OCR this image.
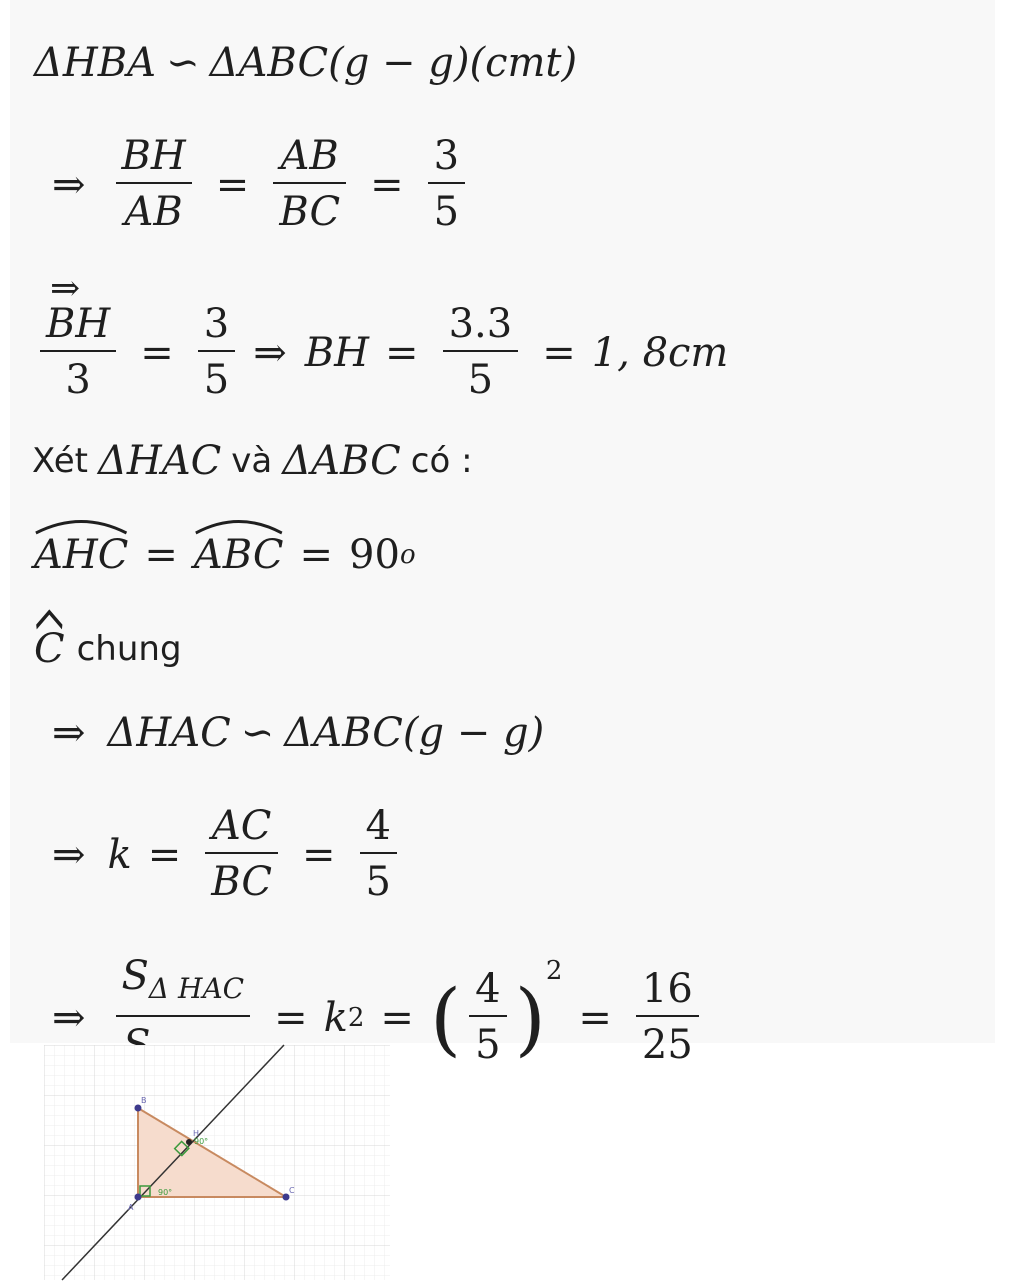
ΔHBA ∽ ΔABC(g − g)(cmt)
⇒ $\frac{BH}{AB} = \frac{AB}{BC} = \frac{3}{5}$
⇒
BH
3
= $\frac{3}{5}$ ⇒ BH = $\frac{3.3}{5} = 1$, 8cm
Xét ΔHAC và ΔABC có :
AHC = ABC = 90 o
C chung
⇒ ΔHAC ∽ ΔABC(g − g)
⇒ $k = \frac{AC}{BC} = \frac{4}{5}$
⇒
$S_{\Delta HAC}$
= k 2 = ( $\frac{4}{5}$ )
$^2$
= $\frac{16}{25}$
90°
90°
B
H
A
C
